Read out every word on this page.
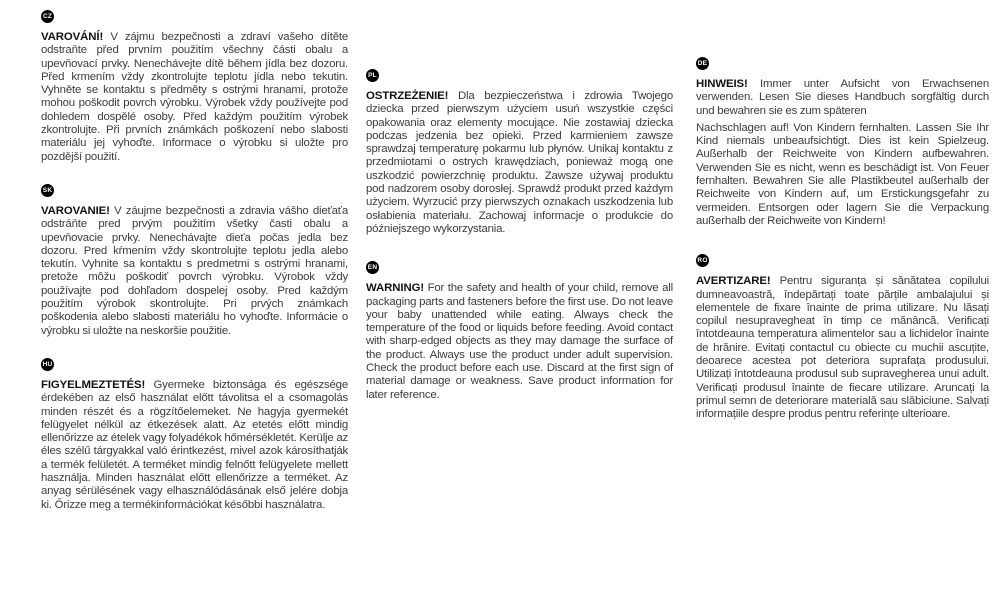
CZ

VAROVÁNÍ! V zájmu bezpečnosti a zdraví vašeho dítěte odstraňte před prvním použitím všechny části obalu a upevňovací prvky. Nenechávejte dítě během jídla bez dozoru. Před krmením vždy zkontrolujte teplotu jídla nebo tekutin. Vyhněte se kontaktu s předměty s ostrými hranami, protože mohou poškodit povrch výrobku. Výrobek vždy používejte pod dohledem dospělé osoby. Před každým použitím výrobek zkontrolujte. Při prvních známkách poškození nebo slabosti materiálu jej vyhoďte. Informace o výrobku si uložte pro pozdější použití.

SK

VAROVANIE! V záujme bezpečnosti a zdravia vášho dieťaťa odstráňte pred prvým použitím všetky časti obalu a upevňovacie prvky. Nenechávajte dieťa počas jedla bez dozoru. Pred kŕmením vždy skontrolujte teplotu jedla alebo tekutín. Vyhnite sa kontaktu s predmetmi s ostrými hranami, pretože môžu poškodiť povrch výrobku. Výrobok vždy používajte pod dohľadom dospelej osoby. Pred každým použitím výrobok skontrolujte. Pri prvých známkach poškodenia alebo slabosti materiálu ho vyhoďte. Informácie o výrobku si uložte na neskoršie použitie.

HU

FIGYELMEZTETÉS! Gyermeke biztonsága és egészsége érdekében az első használat előtt távolitsa el a csomagolás minden részét és a rögzítőelemeket. Ne hagyja gyermekét felügyelet nélkül az étkezések alatt. Az etetés előtt mindig ellenőrizze az ételek vagy folyadékok hőmérsékletét. Kerülje az éles szélű tárgyakkal való érintkezést, mivel azok károsíthatják a termék felületét. A terméket mindig felnőtt felügyelete mellett használja. Minden használat előtt ellenőrizze a terméket. Az anyag sérülésének vagy elhasználódásának első jelére dobja ki. Őrizze meg a termékinformációkat későbbi használatra.

PL

OSTRZEŻENIE! Dla bezpieczeństwa i zdrowia Twojego dziecka przed pierwszym użyciem usuń wszystkie części opakowania oraz elementy mocujące. Nie zostawiaj dziecka podczas jedzenia bez opieki. Przed karmieniem zawsze sprawdzaj temperaturę pokarmu lub płynów. Unikaj kontaktu z przedmiotami o ostrych krawędziach, ponieważ mogą one uszkodzić powierzchnię produktu. Zawsze używaj produktu pod nadzorem osoby dorosłej. Sprawdź produkt przed każdym użyciem. Wyrzucić przy pierwszych oznakach uszkodzenia lub osłabienia materiału. Zachowaj informacje o produkcie do późniejszego wykorzystania.

EN

WARNING! For the safety and health of your child, remove all packaging parts and fasteners before the first use. Do not leave your baby unattended while eating. Always check the temperature of the food or liquids before feeding. Avoid contact with sharp-edged objects as they may damage the surface of the product. Always use the product under adult supervision. Check the product before each use. Discard at the first sign of material damage or weakness. Save product information for later reference.

DE

HINWEIS! Immer unter Aufsicht von Erwachsenen verwenden. Lesen Sie dieses Handbuch sorgfältig durch und bewahren sie es zum späteren

Nachschlagen auf! Von Kindern fernhalten. Lassen Sie Ihr Kind niemals unbeaufsichtigt. Dies ist kein Spielzeug. Außerhalb der Reichweite von Kindern aufbewahren. Verwenden Sie es nicht, wenn es beschädigt ist. Von Feuer fernhalten. Bewahren Sie alle Plastikbeutel außerhalb der Reichweite von Kindern auf, um Erstickungsgefahr zu vermeiden. Entsorgen oder lagern Sie die Verpackung außerhalb der Reichweite von Kindern!

RO

AVERTIZARE! Pentru siguranța și sănătatea copilului dumneavoastră, îndepărtați toate părțile ambalajului și elementele de fixare înainte de prima utilizare. Nu lăsați copilul nesupravegheat în timp ce mănâncă. Verificați întotdeauna temperatura alimentelor sau a lichidelor înainte de hrănire. Evitați contactul cu obiecte cu muchii ascuțite, deoarece acestea pot deteriora suprafața produsului. Utilizați întotdeauna produsul sub supravegherea unui adult. Verificați produsul înainte de fiecare utilizare. Aruncați la primul semn de deteriorare materială sau slăbiciune. Salvați informațiile despre produs pentru referințe ulterioare.
